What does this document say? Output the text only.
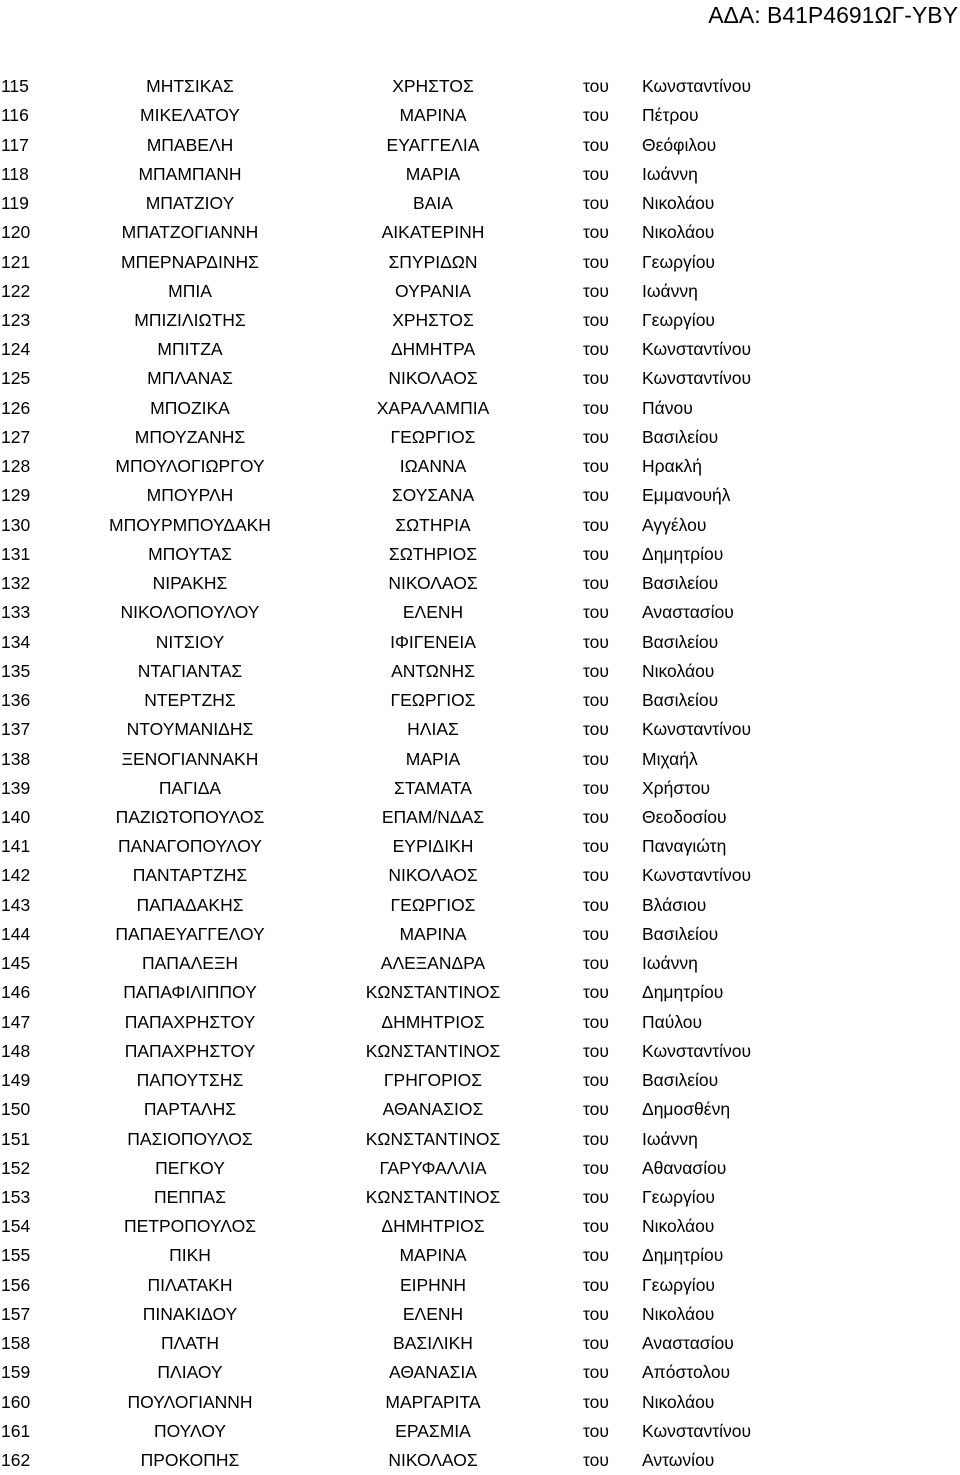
ΑΔΑ: Β41Ρ4691ΩΓ-ΥΒΥ
115	ΜΗΤΣΙΚΑΣ	ΧΡΗΣΤΟΣ	του	Κωνσταντίνου
116	ΜΙΚΕΛΑΤΟΥ	ΜΑΡΙΝΑ	του	Πέτρου
117	ΜΠΑΒΕΛΗ	ΕΥΑΓΓΕΛΙΑ	του	Θεόφιλου
118	ΜΠΑΜΠΑΝΗ	ΜΑΡΙΑ	του	Ιωάννη
119	ΜΠΑΤΖΙΟΥ	ΒΑΙΑ	του	Νικολάου
120	ΜΠΑΤΖΟΓΙΑΝΝΗ	ΑΙΚΑΤΕΡΙΝΗ	του	Νικολάου
121	ΜΠΕΡΝΑΡΔΙΝΗΣ	ΣΠΥΡΙΔΩΝ	του	Γεωργίου
122	ΜΠΙΑ	ΟΥΡΑΝΙΑ	του	Ιωάννη
123	ΜΠΙΖΙΛΙΩΤΗΣ	ΧΡΗΣΤΟΣ	του	Γεωργίου
124	ΜΠΙΤΖΑ	ΔΗΜΗΤΡΑ	του	Κωνσταντίνου
125	ΜΠΛΑΝΑΣ	ΝΙΚΟΛΑΟΣ	του	Κωνσταντίνου
126	ΜΠΟΖΙΚΑ	ΧΑΡΑΛΑΜΠΙΑ	του	Πάνου
127	ΜΠΟΥΖΑΝΗΣ	ΓΕΩΡΓΙΟΣ	του	Βασιλείου
128	ΜΠΟΥΛΟΓΙΩΡΓΟΥ	ΙΩΑΝΝΑ	του	Ηρακλή
129	ΜΠΟΥΡΛΗ	ΣΟΥΣΑΝΑ	του	Εμμανουήλ
130	ΜΠΟΥΡΜΠΟΥΔΑΚΗ	ΣΩΤΗΡΙΑ	του	Αγγέλου
131	ΜΠΟΥΤΑΣ	ΣΩΤΗΡΙΟΣ	του	Δημητρίου
132	ΝΙΡΑΚΗΣ	ΝΙΚΟΛΑΟΣ	του	Βασιλείου
133	ΝΙΚΟΛΟΠΟΥΛΟΥ	ΕΛΕΝΗ	του	Αναστασίου
134	ΝΙΤΣΙΟΥ	ΙΦΙΓΕΝΕΙΑ	του	Βασιλείου
135	ΝΤΑΓΙΑΝΤΑΣ	ΑΝΤΩΝΗΣ	του	Νικολάου
136	ΝΤΕΡΤΖΗΣ	ΓΕΩΡΓΙΟΣ	του	Βασιλείου
137	ΝΤΟΥΜΑΝΙΔΗΣ	ΗΛΙΑΣ	του	Κωνσταντίνου
138	ΞΕΝΟΓΙΑΝΝΑΚΗ	ΜΑΡΙΑ	του	Μιχαήλ
139	ΠΑΓΙΔΑ	ΣΤΑΜΑΤΑ	του	Χρήστου
140	ΠΑΖΙΩΤΟΠΟΥΛΟΣ	ΕΠΑΜ/ΝΔΑΣ	του	Θεοδοσίου
141	ΠΑΝΑΓΟΠΟΥΛΟΥ	ΕΥΡΙΔΙΚΗ	του	Παναγιώτη
142	ΠΑΝΤΑΡΤΖΗΣ	ΝΙΚΟΛΑΟΣ	του	Κωνσταντίνου
143	ΠΑΠΑΔΑΚΗΣ	ΓΕΩΡΓΙΟΣ	του	Βλάσιου
144	ΠΑΠΑΕΥΑΓΓΕΛΟΥ	ΜΑΡΙΝΑ	του	Βασιλείου
145	ΠΑΠΑΛΕΞΗ	ΑΛΕΞΑΝΔΡΑ	του	Ιωάννη
146	ΠΑΠΑΦΙΛΙΠΠΟΥ	ΚΩΝΣΤΑΝΤΙΝΟΣ	του	Δημητρίου
147	ΠΑΠΑΧΡΗΣΤΟΥ	ΔΗΜΗΤΡΙΟΣ	του	Παύλου
148	ΠΑΠΑΧΡΗΣΤΟΥ	ΚΩΝΣΤΑΝΤΙΝΟΣ	του	Κωνσταντίνου
149	ΠΑΠΟΥΤΣΗΣ	ΓΡΗΓΟΡΙΟΣ	του	Βασιλείου
150	ΠΑΡΤΑΛΗΣ	ΑΘΑΝΑΣΙΟΣ	του	Δημοσθένη
151	ΠΑΣΙΟΠΟΥΛΟΣ	ΚΩΝΣΤΑΝΤΙΝΟΣ	του	Ιωάννη
152	ΠΕΓΚΟΥ	ΓΑΡΥΦΑΛΛΙΑ	του	Αθανασίου
153	ΠΕΠΠΑΣ	ΚΩΝΣΤΑΝΤΙΝΟΣ	του	Γεωργίου
154	ΠΕΤΡΟΠΟΥΛΟΣ	ΔΗΜΗΤΡΙΟΣ	του	Νικολάου
155	ΠΙΚΗ	ΜΑΡΙΝΑ	του	Δημητρίου
156	ΠΙΛΑΤΑΚΗ	ΕΙΡΗΝΗ	του	Γεωργίου
157	ΠΙΝΑΚΙΔΟΥ	ΕΛΕΝΗ	του	Νικολάου
158	ΠΛΑΤΗ	ΒΑΣΙΛΙΚΗ	του	Αναστασίου
159	ΠΛΙΑΟΥ	ΑΘΑΝΑΣΙΑ	του	Απόστολου
160	ΠΟΥΛΟΓΙΑΝΝΗ	ΜΑΡΓΑΡΙΤΑ	του	Νικολάου
161	ΠΟΥΛΟΥ	ΕΡΑΣΜΙΑ	του	Κωνσταντίνου
162	ΠΡΟΚΟΠΗΣ	ΝΙΚΟΛΑΟΣ	του	Αντωνίου
